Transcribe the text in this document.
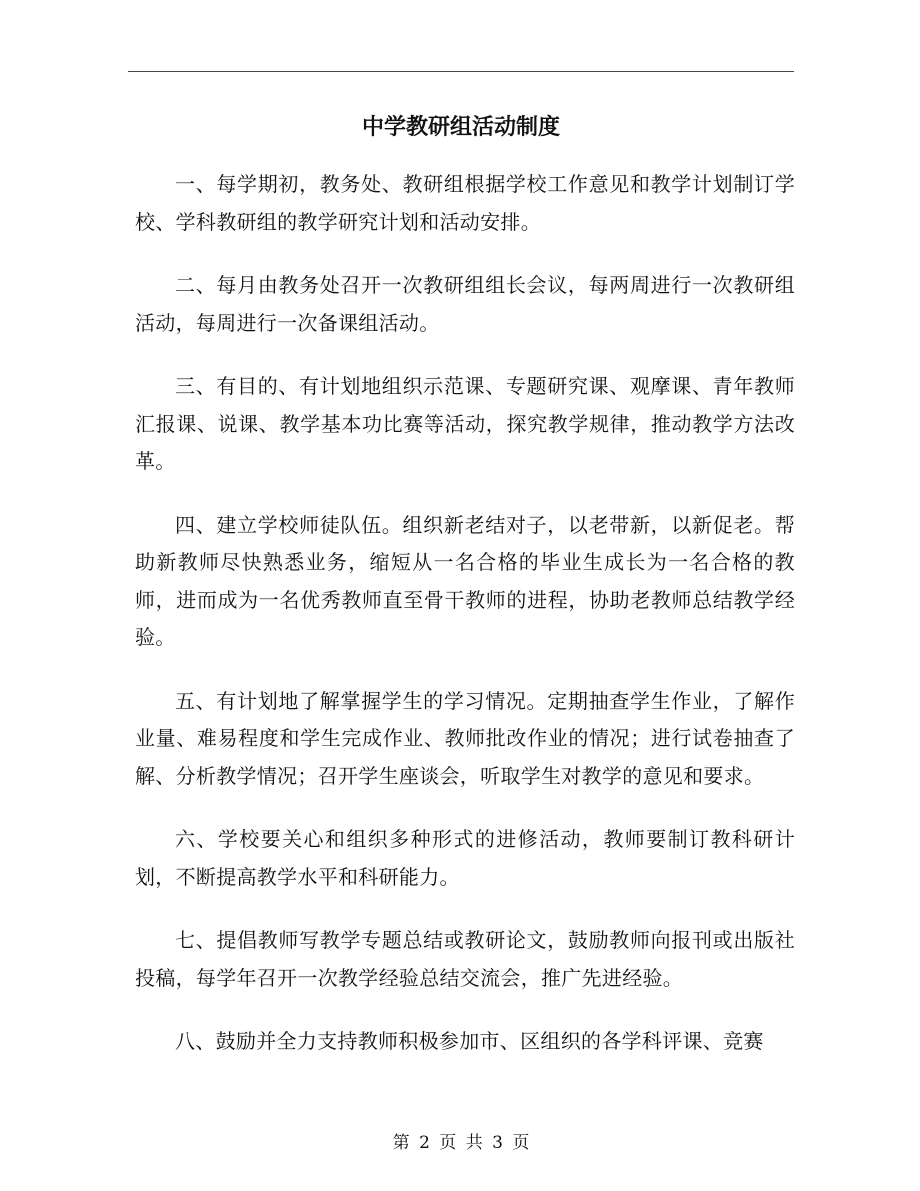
中学教研组活动制度

一、每学期初，教务处、教研组根据学校工作意见和教学计划制订学校、学科教研组的教学研究计划和活动安排。

二、每月由教务处召开一次教研组组长会议，每两周进行一次教研组活动，每周进行一次备课组活动。

三、有目的、有计划地组织示范课、专题研究课、观摩课、青年教师汇报课、说课、教学基本功比赛等活动，探究教学规律，推动教学方法改革。

四、建立学校师徒队伍。组织新老结对子，以老带新，以新促老。帮助新教师尽快熟悉业务，缩短从一名合格的毕业生成长为一名合格的教师，进而成为一名优秀教师直至骨干教师的进程，协助老教师总结教学经验。

五、有计划地了解掌握学生的学习情况。定期抽查学生作业，了解作业量、难易程度和学生完成作业、教师批改作业的情况；进行试卷抽查了解、分析教学情况；召开学生座谈会，听取学生对教学的意见和要求。

六、学校要关心和组织多种形式的进修活动，教师要制订教科研计划，不断提高教学水平和科研能力。

七、提倡教师写教学专题总结或教研论文，鼓励教师向报刊或出版社投稿，每学年召开一次教学经验总结交流会，推广先进经验。

八、鼓励并全力支持教师积极参加市、区组织的各学科评课、竞赛

第 2 页 共 3 页
